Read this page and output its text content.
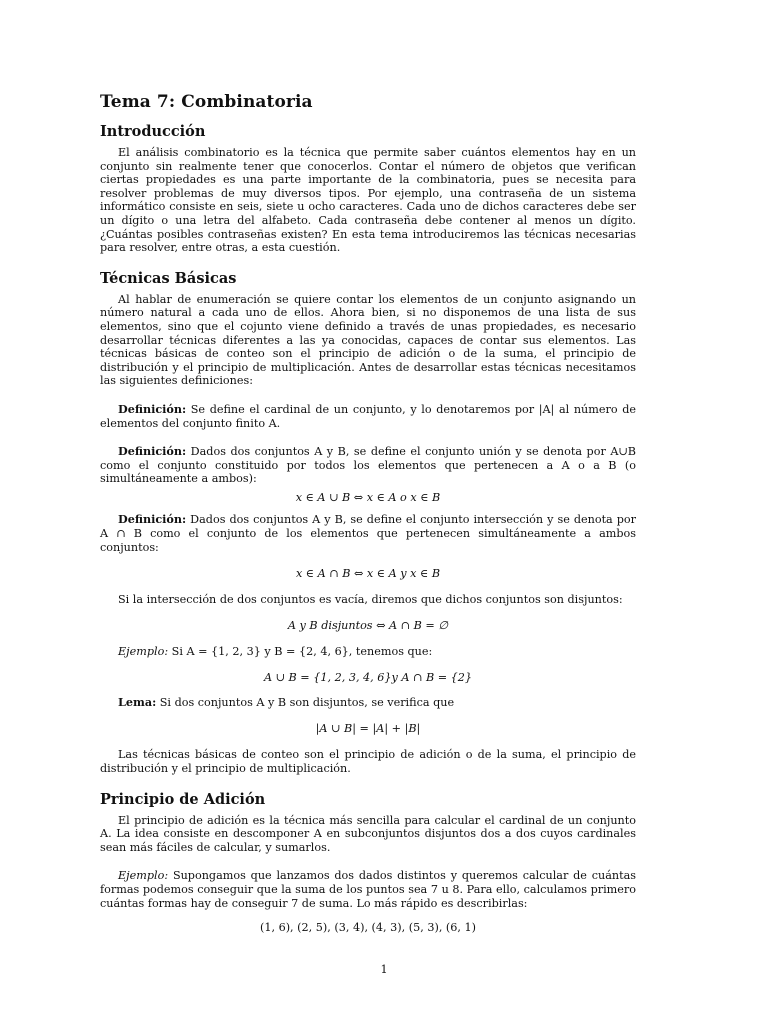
Tema 7: Combinatoria
Introducción

El análisis combinatorio es la técnica que permite saber cuántos elementos hay en un conjunto sin realmente tener que conocerlos. Contar el número de objetos que verifican ciertas propiedades es una parte importante de la combinatoria, pues se necesita para resolver problemas de muy diversos tipos. Por ejemplo, una contraseña de un sistema informático consiste en seis, siete u ocho caracteres. Cada uno de dichos caracteres debe ser un dígito o una letra del alfabeto. Cada contraseña debe contener al menos un dígito. ¿Cuántas posibles contraseñas existen? En esta tema introduciremos las técnicas necesarias para resolver, entre otras, a esta cuestión.

Técnicas Básicas

Al hablar de enumeración se quiere contar los elementos de un conjunto asignando un número natural a cada uno de ellos. Ahora bien, si no disponemos de una lista de sus elementos, sino que el cojunto viene definido a través de unas propiedades, es necesario desarrollar técnicas diferentes a las ya conocidas, capaces de contar sus elementos. Las técnicas básicas de conteo son el principio de adición o de la suma, el principio de distribución y el principio de multiplicación. Antes de desarrollar estas técnicas necesitamos las siguientes definiciones:

Definición: Se define el cardinal de un conjunto, y lo denotaremos por |A| al número de elementos del conjunto finito A.

Definición: Dados dos conjuntos A y B, se define el conjunto unión y se denota por A∪B como el conjunto constituido por todos los elementos que pertenecen a A o a B (o simultáneamente a ambos):

x ∈ A ∪ B ⇔ x ∈ A o x ∈ B

Definición: Dados dos conjuntos A y B, se define el conjunto intersección y se denota por A ∩ B como el conjunto de los elementos que pertenecen simultáneamente a ambos conjuntos:

x ∈ A ∩ B ⇔ x ∈ A y x ∈ B

Si la intersección de dos conjuntos es vacía, diremos que dichos conjuntos son disjuntos:

A y B disjuntos ⇔ A ∩ B = ∅

Ejemplo: Si A = {1, 2, 3} y B = {2, 4, 6}, tenemos que:

A ∪ B = {1, 2, 3, 4, 6}y A ∩ B = {2}

Lema: Si dos conjuntos A y B son disjuntos, se verifica que

|A ∪ B| = |A| + |B|

Las técnicas básicas de conteo son el principio de adición o de la suma, el principio de distribución y el principio de multiplicación.

Principio de Adición

El principio de adición es la técnica más sencilla para calcular el cardinal de un conjunto A. La idea consiste en descomponer A en subconjuntos disjuntos dos a dos cuyos cardinales sean más fáciles de calcular, y sumarlos.

Ejemplo: Supongamos que lanzamos dos dados distintos y queremos calcular de cuántas formas podemos conseguir que la suma de los puntos sea 7 u 8. Para ello, calculamos primero cuántas formas hay de conseguir 7 de suma. Lo más rápido es describirlas:

(1, 6), (2, 5), (3, 4), (4, 3), (5, 3), (6, 1)
1
